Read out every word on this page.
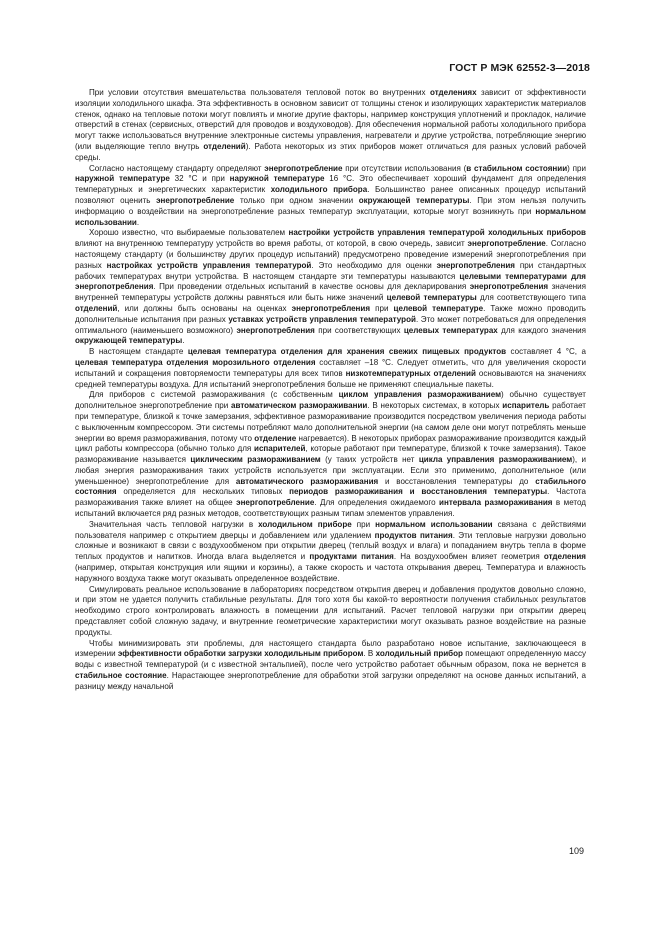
ГОСТ Р МЭК 62552-3—2018

При условии отсутствия вмешательства пользователя тепловой поток во внутренних отделениях зависит от эффективности изоляции холодильного шкафа. Эта эффективность в основном зависит от толщины стенок и изолирующих характеристик материалов стенок, однако на тепловые потоки могут повлиять и многие другие факторы, например конструкция уплотнений и прокладок, наличие отверстий в стенах (сервисных, отверстий для проводов и воздуховодов). Для обеспечения нормальной работы холодильного прибора могут также использоваться внутренние электронные системы управления, нагреватели и другие устройства, потребляющие энергию (или выделяющие тепло внутрь отделений). Работа некоторых из этих приборов может отличаться для разных условий рабочей среды.

Согласно настоящему стандарту определяют энергопотребление при отсутствии использования (в стабильном состоянии) при наружной температуре 32 °С и при наружной температуре 16 °С. Это обеспечивает хороший фундамент для определения температурных и энергетических характеристик холодильного прибора. Большинство ранее описанных процедур испытаний позволяют оценить энергопотребление только при одном значении окружающей температуры. При этом нельзя получить информацию о воздействии на энергопотребление разных температур эксплуатации, которые могут возникнуть при нормальном использовании.

Хорошо известно, что выбираемые пользователем настройки устройств управления температурой холодильных приборов влияют на внутреннюю температуру устройств во время работы, от которой, в свою очередь, зависит энергопотребление. Согласно настоящему стандарту (и большинству других процедур испытаний) предусмотрено проведение измерений энергопотребления при разных настройках устройств управления температурой. Это необходимо для оценки энергопотребления при стандартных рабочих температурах внутри устройства. В настоящем стандарте эти температуры называются целевыми температурами для энергопотребления. При проведении отдельных испытаний в качестве основы для декларирования энергопотребления значения внутренней температуры устройств должны равняться или быть ниже значений целевой температуры для соответствующего типа отделений, или должны быть основаны на оценках энергопотребления при целевой температуре. Также можно проводить дополнительные испытания при разных уставках устройств управления температурой. Это может потребоваться для определения оптимального (наименьшего возможного) энергопотребления при соответствующих целевых температурах для каждого значения окружающей температуры.

В настоящем стандарте целевая температура отделения для хранения свежих пищевых продуктов составляет 4 °С, а целевая температура отделения морозильного отделения составляет –18 °С. Следует отметить, что для увеличения скорости испытаний и сокращения повторяемости температуры для всех типов низкотемпературных отделений основываются на значениях средней температуры воздуха. Для испытаний энергопотребления больше не применяют специальные пакеты.

Для приборов с системой размораживания (с собственным циклом управления размораживанием) обычно существует дополнительное энергопотребление при автоматическом размораживании. В некоторых системах, в которых испаритель работает при температуре, близкой к точке замерзания, эффективное размораживание производится посредством увеличения периода работы с выключенным компрессором. Эти системы потребляют мало дополнительной энергии (на самом деле они могут потреблять меньше энергии во время размораживания, потому что отделение нагревается). В некоторых приборах размораживание производится каждый цикл работы компрессора (обычно только для испарителей, которые работают при температуре, близкой к точке замерзания). Такое размораживание называется циклическим размораживанием (у таких устройств нет цикла управления размораживанием), и любая энергия размораживания таких устройств используется при эксплуатации. Если это применимо, дополнительное (или уменьшенное) энергопотребление для автоматического размораживания и восстановления температуры до стабильного состояния определяется для нескольких типовых периодов размораживания и восстановления температуры. Частота размораживания также влияет на общее энергопотребление. Для определения ожидаемого интервала размораживания в метод испытаний включается ряд разных методов, соответствующих разным типам элементов управления.

Значительная часть тепловой нагрузки в холодильном приборе при нормальном использовании связана с действиями пользователя например с открытием дверцы и добавлением или удалением продуктов питания. Эти тепловые нагрузки довольно сложные и возникают в связи с воздухообменом при открытии дверец (теплый воздух и влага) и попаданием внутрь тепла в форме теплых продуктов и напитков. Иногда влага выделяется и продуктами питания. На воздухообмен влияет геометрия отделения (например, открытая конструкция или ящики и корзины), а также скорость и частота открывания дверец. Температура и влажность наружного воздуха также могут оказывать определенное воздействие.

Симулировать реальное использование в лабораториях посредством открытия дверец и добавления продуктов довольно сложно, и при этом не удается получить стабильные результаты. Для того хотя бы какой-то вероятности получения стабильных результатов необходимо строго контролировать влажность в помещении для испытаний. Расчет тепловой нагрузки при открытии дверец представляет собой сложную задачу, и внутренние геометрические характеристики могут оказывать разное воздействие на разные продукты.

Чтобы минимизировать эти проблемы, для настоящего стандарта было разработано новое испытание, заключающееся в измерении эффективности обработки загрузки холодильным прибором. В холодильный прибор помещают определенную массу воды с известной температурой (и с известной энтальпией), после чего устройство работает обычным образом, пока не вернется в стабильное состояние. Нарастающее энергопотребление для обработки этой загрузки определяют на основе данных испытаний, а разницу между начальной

109
